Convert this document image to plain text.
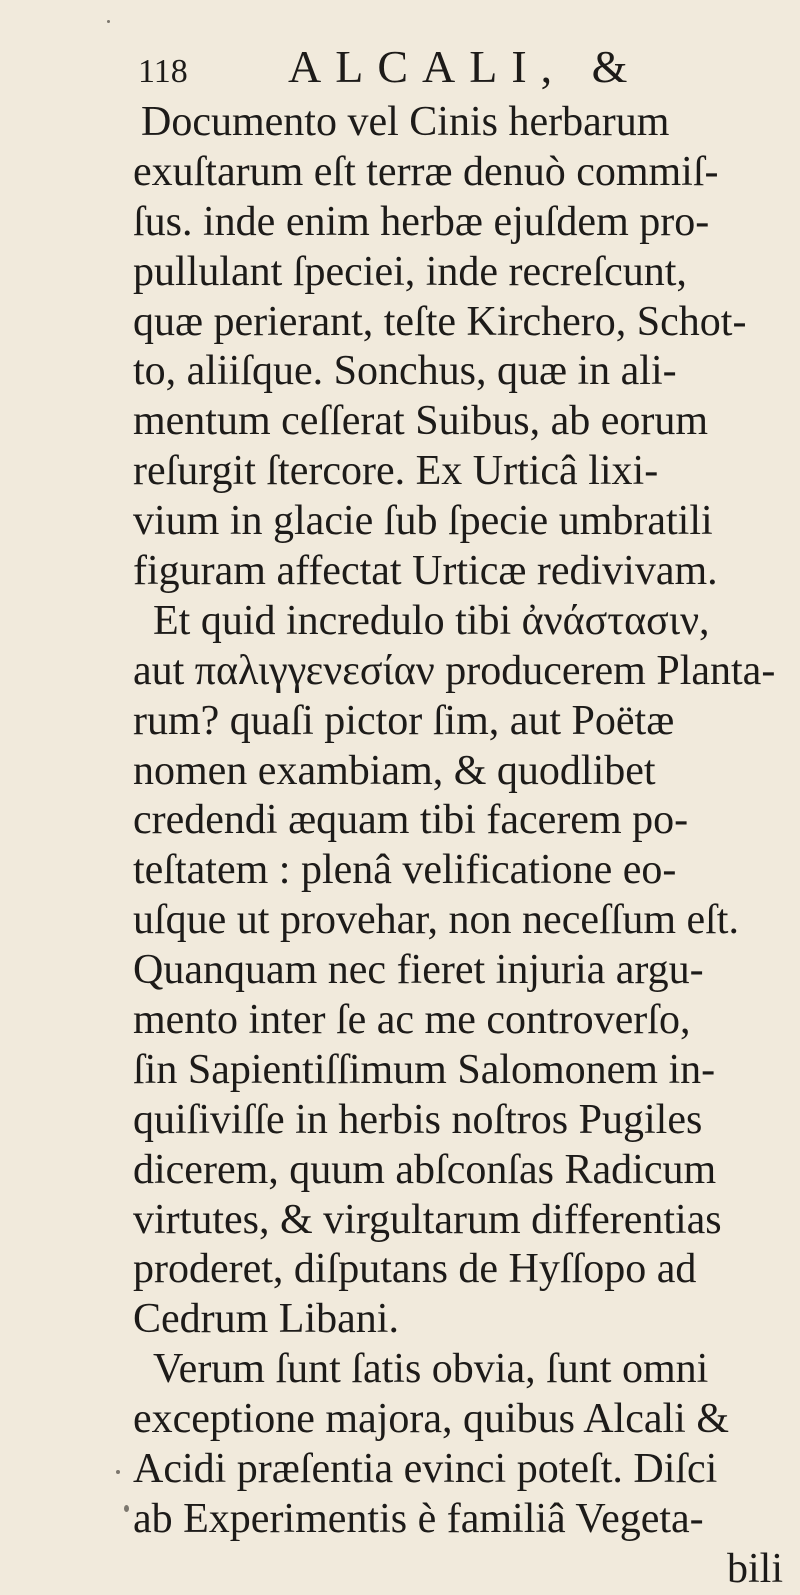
118	ALCALI, &
Documento vel Cinis herbarum
exuſtarum eſt terræ denuò commiſ-
ſus. inde enim herbæ ejuſdem pro-
pullulant ſpeciei, inde recreſcunt,
quæ perierant, teſte Kirchero, Schot-
to, aliiſque. Sonchus, quæ in ali-
mentum ceſſerat Suibus, ab eorum
reſurgit ſtercore. Ex Urticâ lixi-
vium in glacie ſub ſpecie umbratili
figuram affectat Urticæ redivivam.
Et quid incredulo tibi ἀνάστασιν,
aut παλιγγενεσίαν producerem Planta-
rum? quaſi pictor ſim, aut Poëtæ
nomen exambiam, & quodlibet
credendi æquam tibi facerem po-
teſtatem : plenâ velificatione eo-
uſque ut provehar, non neceſſum eſt.
Quanquam nec fieret injuria argu-
mento inter ſe ac me controverſo,
ſin Sapientiſſimum Salomonem in-
quiſiviſſe in herbis noſtros Pugiles
dicerem, quum abſconſas Radicum
virtutes, & virgultarum differentias
proderet, diſputans de Hyſſopo ad
Cedrum Libani.
Verum ſunt ſatis obvia, ſunt omni
exceptione majora, quibus Alcali &
Acidi præſentia evinci poteſt. Diſci
ab Experimentis è familiâ Vegeta-
bili
